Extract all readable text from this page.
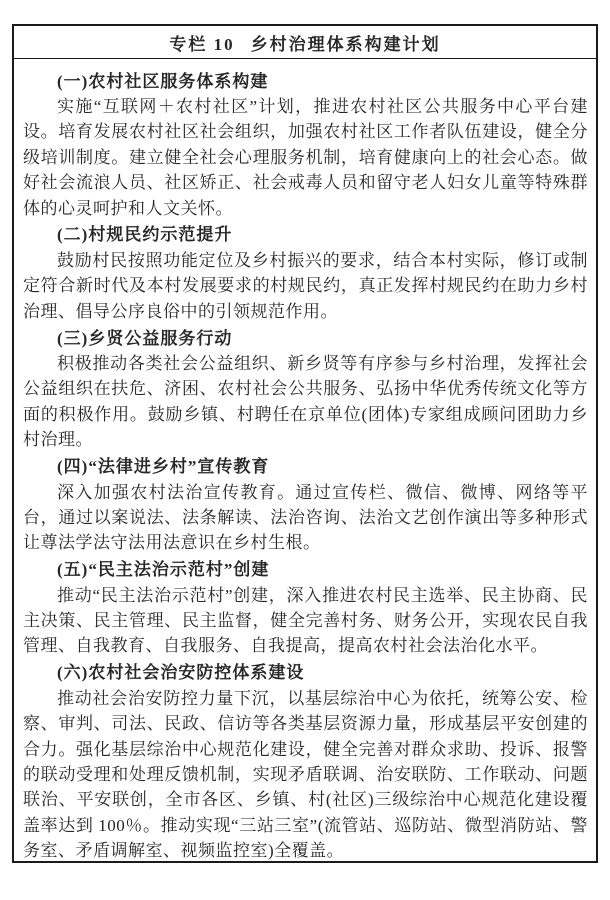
专栏 10 乡村治理体系构建计划
(一)农村社区服务体系构建

实施“互联网＋农村社区”计划，推进农村社区公共服务中心平台建设。培育发展农村社区社会组织，加强农村社区工作者队伍建设，健全分级培训制度。建立健全社会心理服务机制，培育健康向上的社会心态。做好社会流浪人员、社区矫正、社会戒毒人员和留守老人妇女儿童等特殊群体的心灵呵护和人文关怀。

(二)村规民约示范提升

鼓励村民按照功能定位及乡村振兴的要求，结合本村实际，修订或制定符合新时代及本村发展要求的村规民约，真正发挥村规民约在助力乡村治理、倡导公序良俗中的引领规范作用。

(三)乡贤公益服务行动

积极推动各类社会公益组织、新乡贤等有序参与乡村治理，发挥社会公益组织在扶危、济困、农村社会公共服务、弘扬中华优秀传统文化等方面的积极作用。鼓励乡镇、村聘任在京单位(团体)专家组成顾问团助力乡村治理。

(四)“法律进乡村”宣传教育

深入加强农村法治宣传教育。通过宣传栏、微信、微博、网络等平台，通过以案说法、法条解读、法治咨询、法治文艺创作演出等多种形式让尊法学法守法用法意识在乡村生根。

(五)“民主法治示范村”创建

推动“民主法治示范村”创建，深入推进农村民主选举、民主协商、民主决策、民主管理、民主监督，健全完善村务、财务公开，实现农民自我管理、自我教育、自我服务、自我提高，提高农村社会法治化水平。

(六)农村社会治安防控体系建设

推动社会治安防控力量下沉，以基层综治中心为依托，统筹公安、检察、审判、司法、民政、信访等各类基层资源力量，形成基层平安创建的合力。强化基层综治中心规范化建设，健全完善对群众求助、投诉、报警的联动受理和处理反馈机制，实现矛盾联调、治安联防、工作联动、问题联治、平安联创，全市各区、乡镇、村(社区)三级综治中心规范化建设覆盖率达到 100％。推动实现“三站三室”(流管站、巡防站、微型消防站、警务室、矛盾调解室、视频监控室)全覆盖。
